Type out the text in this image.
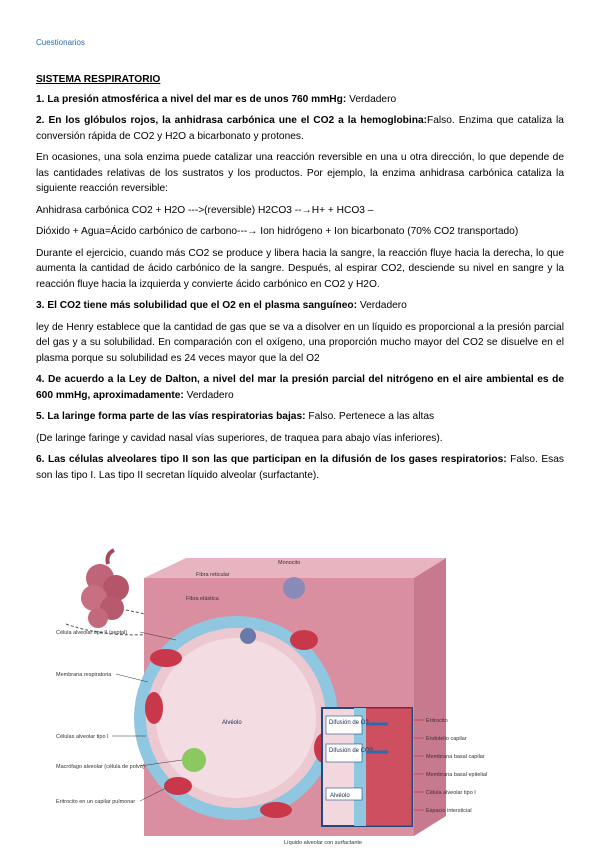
Cuestionarios
SISTEMA RESPIRATORIO

1. La presión atmosférica a nivel del mar es de unos 760 mmHg: Verdadero

2. En los glóbulos rojos, la anhidrasa carbónica une el CO2 a la hemoglobina:Falso. Enzima que cataliza la conversión rápida de CO2 y H2O a bicarbonato y protones.

En ocasiones, una sola enzima puede catalizar una reacción reversible en una u otra dirección, lo que depende de las cantidades relativas de los sustratos y los productos. Por ejemplo, la enzima anhidrasa carbónica cataliza la siguiente reacción reversible:

Anhidrasa carbónica CO2 + H2O --->(reversible) H2CO3 --→H+ + HCO3 –

Dióxido + Agua=Ácido carbónico de carbono---→ Ion hidrógeno + Ion bicarbonato (70% CO2 transportado)

Durante el ejercicio, cuando más CO2 se produce y libera hacia la sangre, la reacción fluye hacia la derecha, lo que aumenta la cantidad de ácido carbónico de la sangre. Después, al espirar CO2, desciende su nivel en sangre y la reacción fluye hacia la izquierda y convierte ácido carbónico en CO2 y H2O.

3. El CO2 tiene más solubilidad que el O2 en el plasma sanguíneo: Verdadero

ley de Henry establece que la cantidad de gas que se va a disolver en un líquido es proporcional a la presión parcial del gas y a su solubilidad. En comparación con el oxígeno, una proporción mucho mayor del CO2 se disuelve en el plasma porque su solubilidad es 24 veces mayor que la del O2

4. De acuerdo a la Ley de Dalton, a nivel del mar la presión parcial del nitrógeno en el aire ambiental es de 600 mmHg, aproximadamente: Verdadero

5. La laringe forma parte de las vías respiratorias bajas: Falso. Pertenece a las altas

(De laringe faringe y cavidad nasal vías superiores, de traquea para abajo vías inferiores).

6. Las células alveolares tipo II son las que participan en la difusión de los gases respiratorios: Falso. Esas son las tipo I. Las tipo II secretan líquido alveolar (surfactante).

Alvéolo	Difusión de O2
Difusión de CO2
Alvéolo
Célula alveolar tipo II (septal)
Membrana respiratoria
Células alveolar tipo I
Macrófago alveolar (célula de polvo)
Eritrocito en un capilar pulmonar
Fibra reticular
Fibra elástica
Monocito
Eritrocito
Endotelio capilar
Membrana basal capilar
Membrana basal epitelial
Célula alveolar tipo I
Espacio intersticial
Líquido alveolar con surfactante
